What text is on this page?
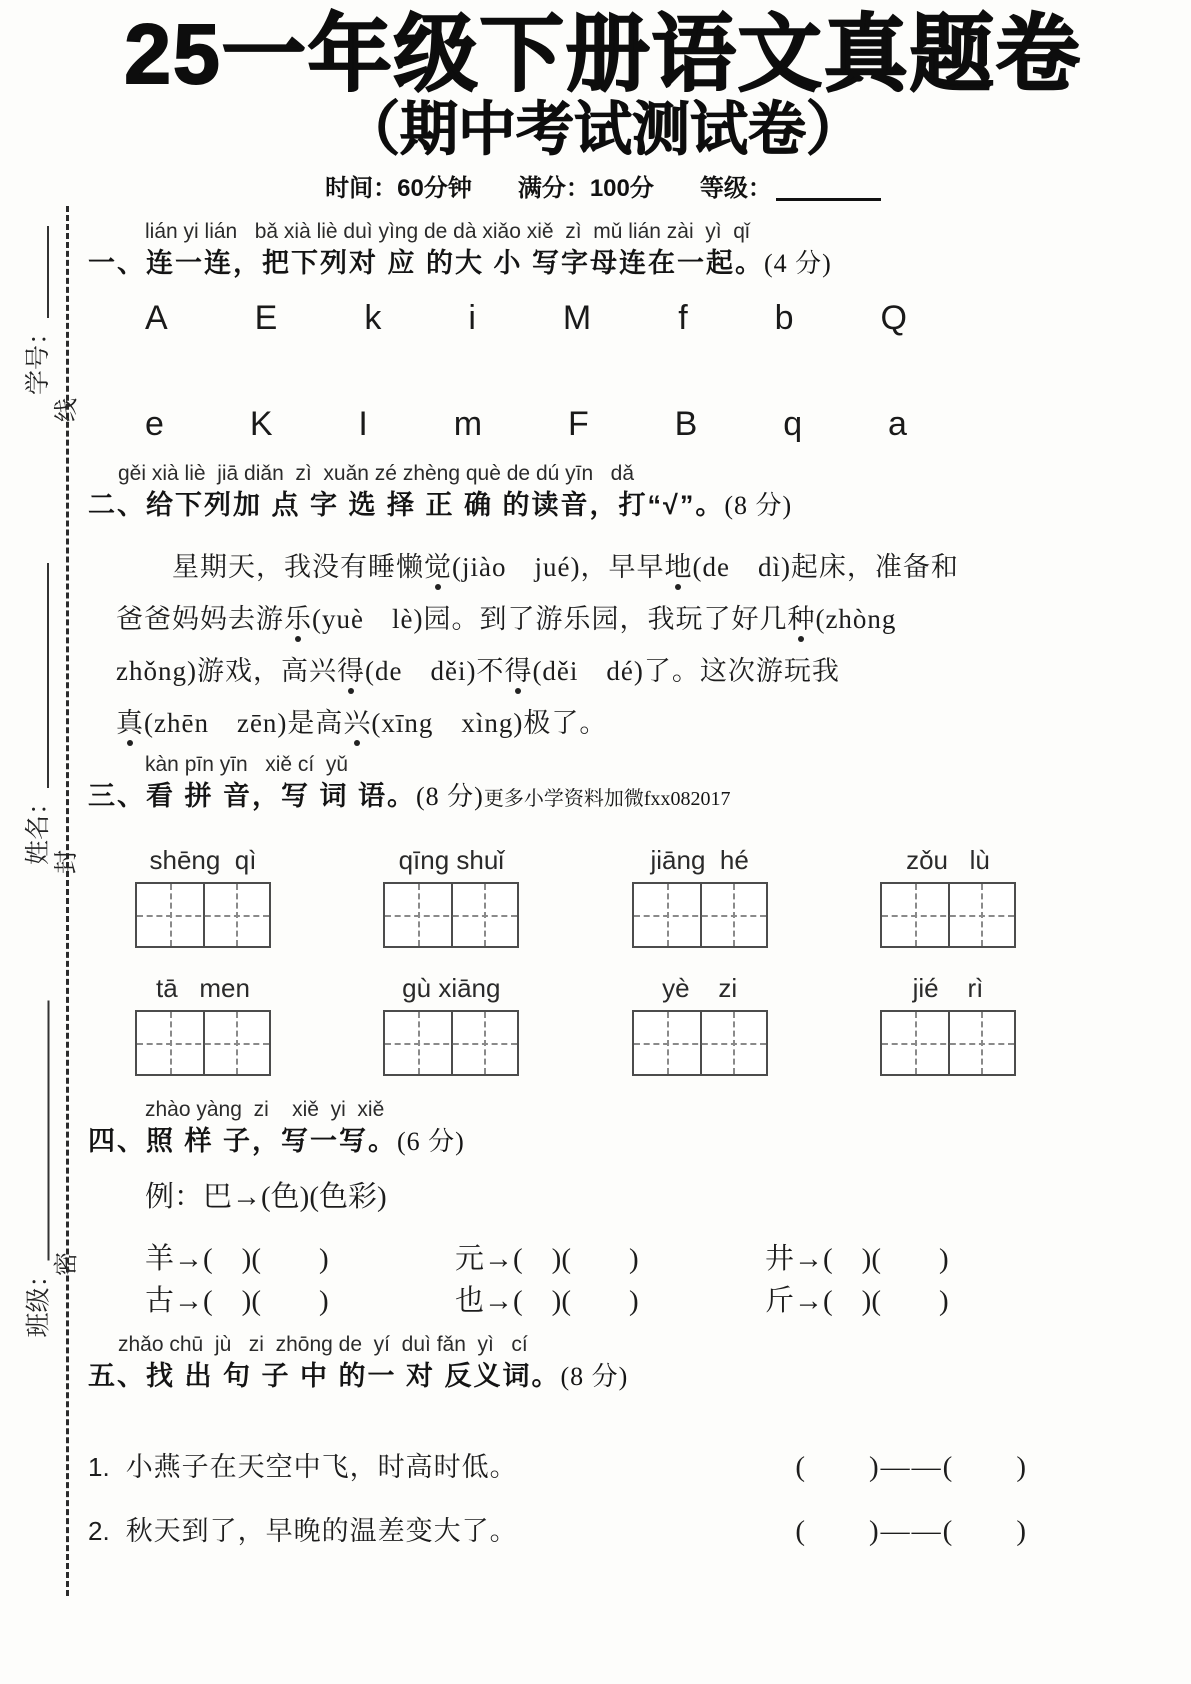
学号：
姓名：
班级：
线
封
密
25一年级下册语文真题卷
（期中考试测试卷）
时间：60分钟 满分：100分 等级：
lián yi lián   bǎ xià liè duì yìng de dà xiǎo xiě  zì  mǔ lián zài  yì  qǐ
一、连一连，把下列对 应 的大 小 写字母连在一起。(4 分)
A	E	k	i	M	f	b	Q
e	K	I	m	F	B	q	a
gěi xià liè  jiā diǎn  zì  xuǎn zé zhèng què de dú yīn   dǎ
二、给下列加 点 字 选 择 正 确 的读音，打“√”。(8 分)

　　星期天，我没有睡懒觉(jiào　jué)，早早地(de　dì)起床，准备和

爸爸妈妈去游乐(yuè　lè)园。到了游乐园，我玩了好几种(zhòng

zhǒng)游戏，高兴得(de　děi)不得(děi　dé)了。这次游玩我

真(zhēn　zēn)是高兴(xīng　xìng)极了。

kàn pīn yīn   xiě cí  yǔ
三、看 拼 音，写 词 语。(8 分)更多小学资料加微fxx082017
shēng  qì	qīng shuǐ	jiāng  hé	zǒu   lù
tā   men	gù xiāng	yè    zi	jié    rì
zhào yàng  zi    xiě  yi  xiě
四、照 样 子，写一写。(6 分)
例：巴→(色)(色彩)
羊→(　)(　　)	元→(　)(　　)	井→(　)(　　)
古→(　)(　　)	也→(　)(　　)	斤→(　)(　　)
zhǎo chū  jù   zi  zhōng de  yí  duì fǎn  yì   cí
五、找 出 句 子 中 的一 对 反义词。(8 分)
1. 小燕子在天空中飞，时高时低。	(　　)——(　　)
2. 秋天到了，早晚的温差变大了。	(　　)——(　　)
